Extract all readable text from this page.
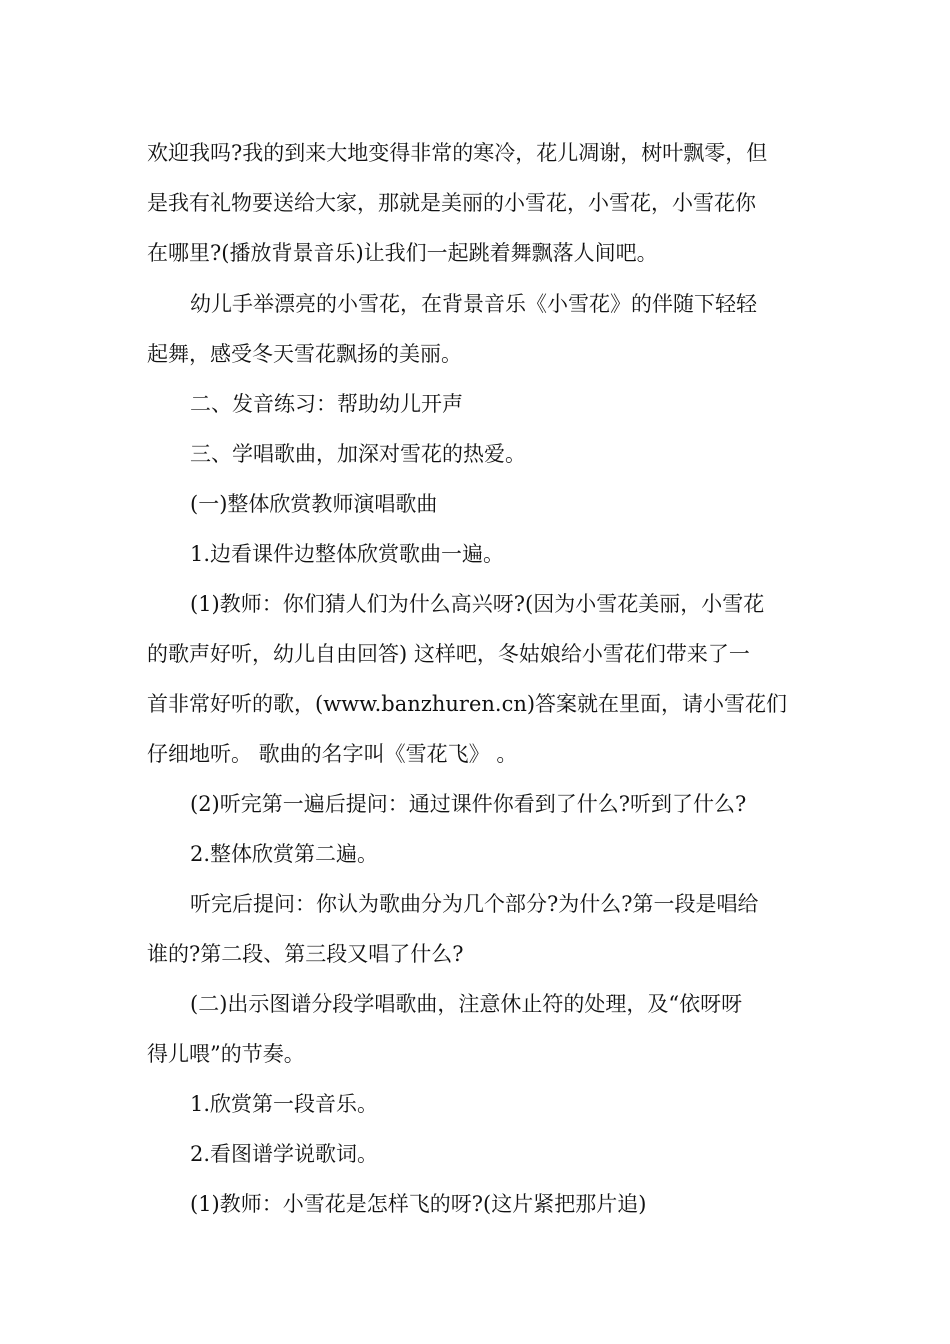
欢迎我吗?我的到来大地变得非常的寒冷，花儿凋谢，树叶飘零，但
是我有礼物要送给大家，那就是美丽的小雪花，小雪花，小雪花你
在哪里?(播放背景音乐)让我们一起跳着舞飘落人间吧。
幼儿手举漂亮的小雪花，在背景音乐《小雪花》的伴随下轻轻
起舞，感受冬天雪花飘扬的美丽。
二、发音练习：帮助幼儿开声
三、学唱歌曲，加深对雪花的热爱。
(一)整体欣赏教师演唱歌曲
1.边看课件边整体欣赏歌曲一遍。
(1)教师：你们猜人们为什么高兴呀?(因为小雪花美丽，小雪花
的歌声好听，幼儿自由回答) 这样吧，冬姑娘给小雪花们带来了一
首非常好听的歌，(www.banzhuren.cn)答案就在里面，请小雪花们
仔细地听。 歌曲的名字叫《雪花飞》 。
(2)听完第一遍后提问：通过课件你看到了什么?听到了什么?
2.整体欣赏第二遍。
听完后提问：你认为歌曲分为几个部分?为什么?第一段是唱给
谁的?第二段、第三段又唱了什么?
(二)出示图谱分段学唱歌曲，注意休止符的处理，及“依呀呀
得儿喂”的节奏。
1.欣赏第一段音乐。
2.看图谱学说歌词。
(1)教师：小雪花是怎样飞的呀?(这片紧把那片追)
